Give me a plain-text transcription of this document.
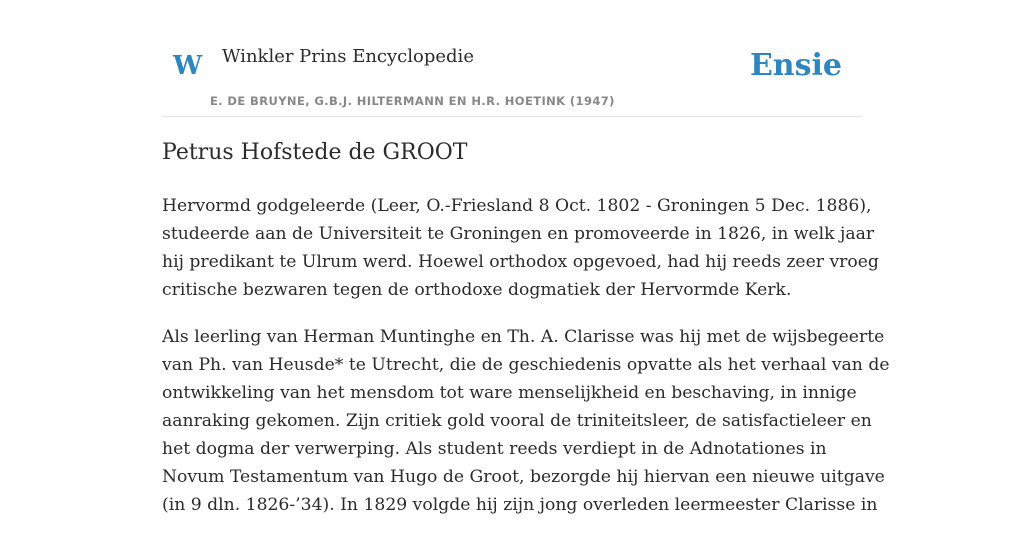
W Winkler Prins Encyclopedie
E. DE BRUYNE, G.B.J. HILTERMANN EN H.R. HOETINK (1947)
Ensie
Petrus Hofstede de GROOT

Hervormd godgeleerde (Leer, O.-Friesland 8 Oct. 1802 - Groningen 5 Dec. 1886),
studeerde aan de Universiteit te Groningen en promoveerde in 1826, in welk jaar
hij predikant te Ulrum werd. Hoewel orthodox opgevoed, had hij reeds zeer vroeg
critische bezwaren tegen de orthodoxe dogmatiek der Hervormde Kerk.

Als leerling van Herman Muntinghe en Th. A. Clarisse was hij met de wijsbegeerte
van Ph. van Heusde* te Utrecht, die de geschiedenis opvatte als het verhaal van de
ontwikkeling van het mensdom tot ware menselijkheid en beschaving, in innige
aanraking gekomen. Zijn critiek gold vooral de triniteitsleer, de satisfactieleer en
het dogma der verwerping. Als student reeds verdiept in de Adnotationes in
Novum Testamentum van Hugo de Groot, bezorgde hij hiervan een nieuwe uitgave
(in 9 dln. 1826-’34). In 1829 volgde hij zijn jong overleden leermeester Clarisse in
